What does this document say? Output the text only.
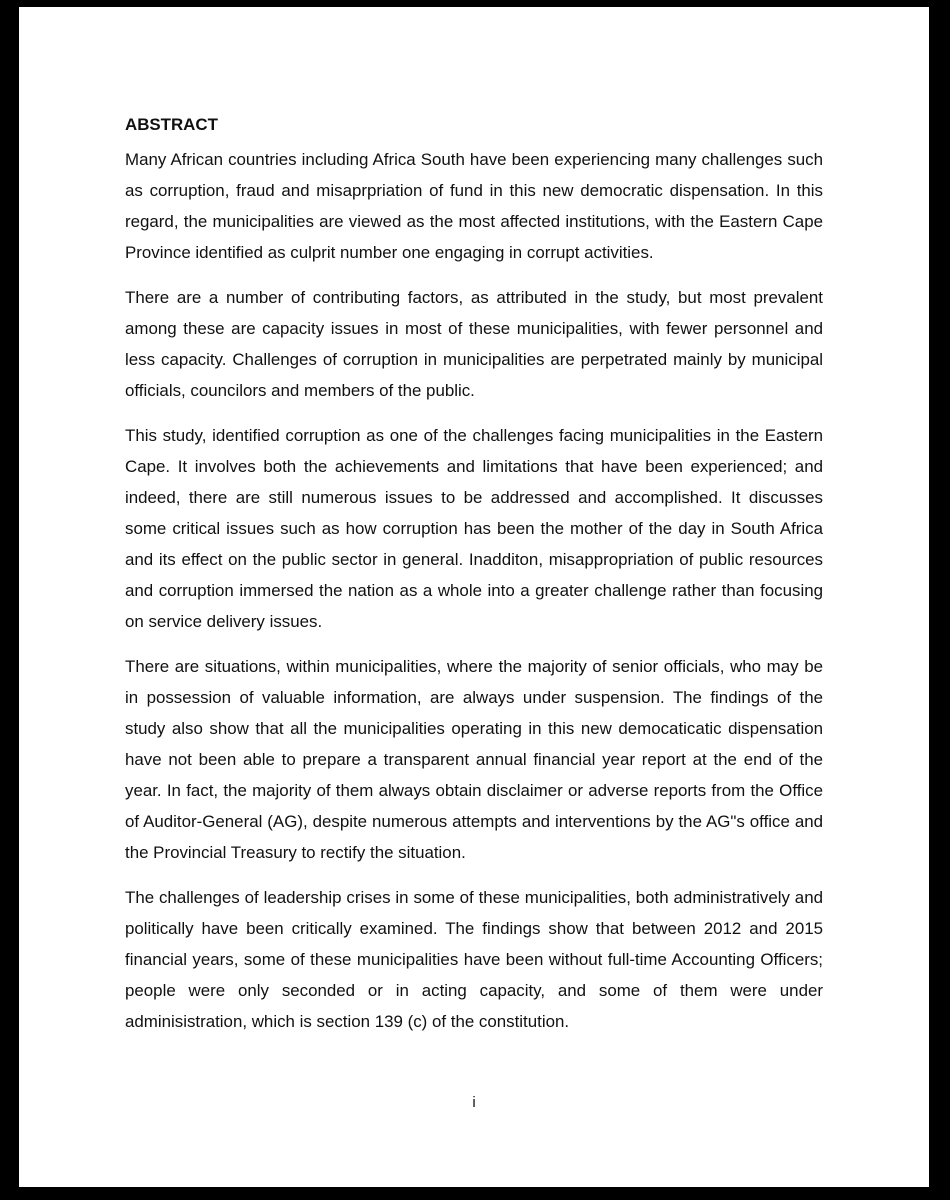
ABSTRACT

Many African countries including Africa South have been experiencing many challenges such as corruption, fraud and misaprpriation of fund in this new democratic dispensation. In this regard, the municipalities are viewed as the most affected institutions, with the Eastern Cape Province identified as culprit number one engaging in corrupt activities.

There are a number of contributing factors, as attributed in the study, but most prevalent among these are capacity issues in most of these municipalities, with fewer personnel and less capacity. Challenges of corruption in municipalities are perpetrated mainly by municipal officials, councilors and members of the public.

This study, identified corruption as one of the challenges facing municipalities in the Eastern Cape. It involves both the achievements and limitations that have been experienced; and indeed, there are still numerous issues to be addressed and accomplished. It discusses some critical issues such as how corruption has been the mother of the day in South Africa and its effect on the public sector in general. Inadditon, misappropriation of public resources and corruption immersed the nation as a whole into a greater challenge rather than focusing on service delivery issues.

There are situations, within municipalities, where the majority of senior officials, who may be in possession of valuable information, are always under suspension. The findings of the study also show that all the municipalities operating in this new democaticatic dispensation have not been able to prepare a transparent annual financial year report at the end of the year. In fact, the majority of them always obtain disclaimer or adverse reports from the Office of Auditor-General (AG), despite numerous attempts and interventions by the AG"s office and the Provincial Treasury to rectify the situation.

The challenges of leadership crises in some of these municipalities, both administratively and politically have been critically examined. The findings show that between 2012 and 2015 financial years, some of these municipalities have been without full-time Accounting Officers; people were only seconded or in acting capacity, and some of them were under adminisistration, which is section 139 (c) of the constitution.

i
